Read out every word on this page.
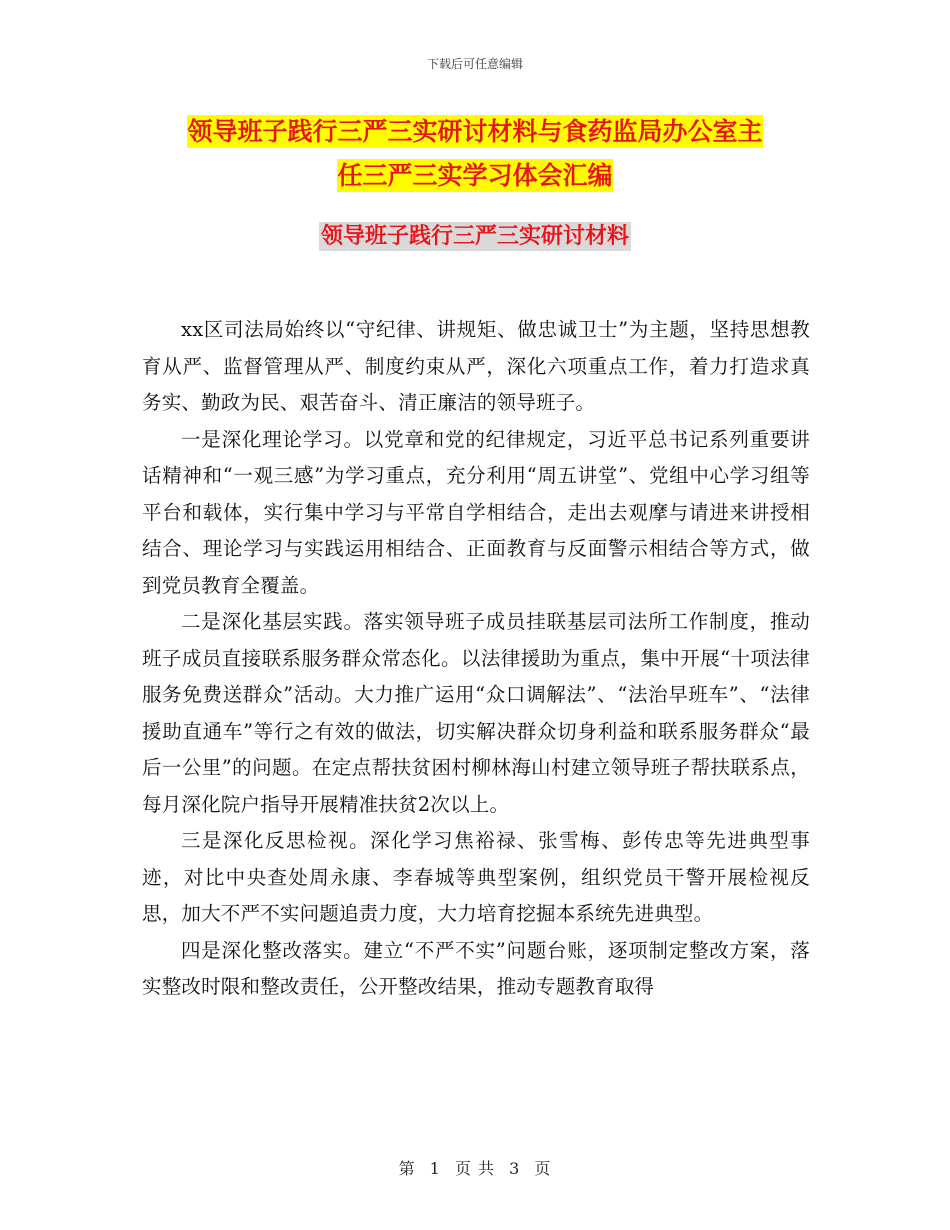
下载后可任意编辑
领导班子践行三严三实研讨材料与食药监局办公室主
任三严三实学习体会汇编
领导班子践行三严三实研讨材料

xx区司法局始终以“守纪律、讲规矩、做忠诚卫士”为主题，坚持思想教育从严、监督管理从严、制度约束从严，深化六项重点工作，着力打造求真务实、勤政为民、艰苦奋斗、清正廉洁的领导班子。

一是深化理论学习。以党章和党的纪律规定，习近平总书记系列重要讲话精神和“一观三感”为学习重点，充分利用“周五讲堂”、党组中心学习组等平台和载体，实行集中学习与平常自学相结合，走出去观摩与请进来讲授相结合、理论学习与实践运用相结合、正面教育与反面警示相结合等方式，做到党员教育全覆盖。

二是深化基层实践。落实领导班子成员挂联基层司法所工作制度，推动班子成员直接联系服务群众常态化。以法律援助为重点，集中开展“十项法律服务免费送群众”活动。大力推广运用“众口调解法”、“法治早班车”、“法律援助直通车”等行之有效的做法，切实解决群众切身利益和联系服务群众“最后一公里”的问题。在定点帮扶贫困村柳林海山村建立领导班子帮扶联系点，每月深化院户指导开展精准扶贫2次以上。

三是深化反思检视。深化学习焦裕禄、张雪梅、彭传忠等先进典型事迹，对比中央查处周永康、李春城等典型案例，组织党员干警开展检视反思，加大不严不实问题追责力度，大力培育挖掘本系统先进典型。

四是深化整改落实。建立“不严不实”问题台账，逐项制定整改方案，落实整改时限和整改责任，公开整改结果，推动专题教育取得

第 1 页 共 3 页
